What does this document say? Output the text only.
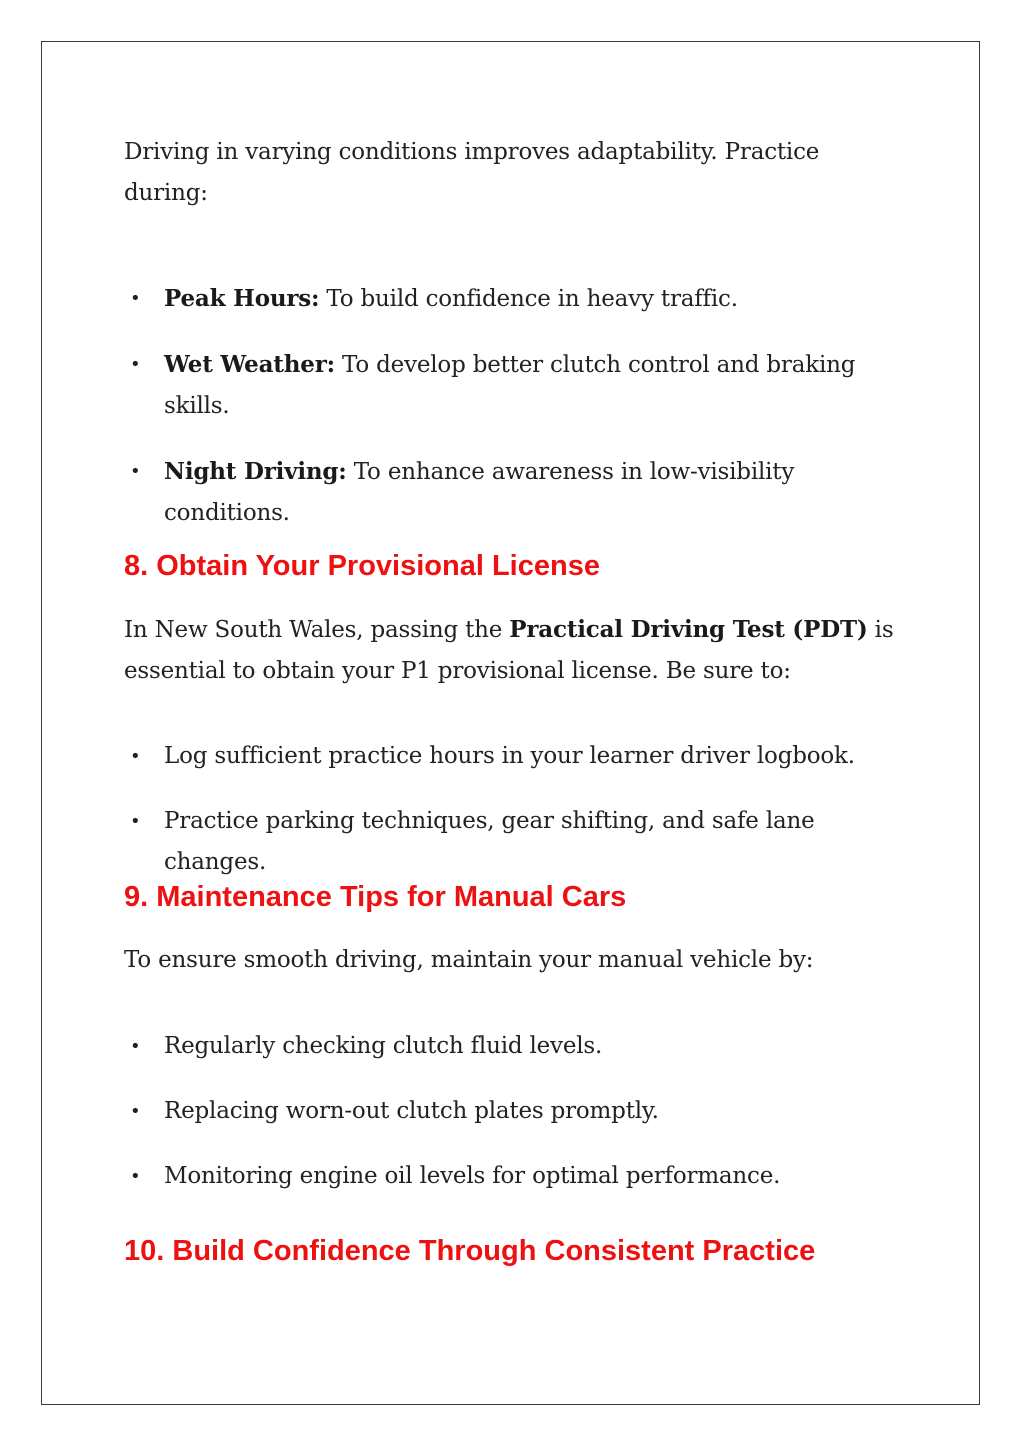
Driving in varying conditions improves adaptability. Practice during:

• Peak Hours: To build confidence in heavy traffic.
• Wet Weather: To develop better clutch control and braking skills.
• Night Driving: To enhance awareness in low-visibility conditions.
8. Obtain Your Provisional License

In New South Wales, passing the Practical Driving Test (PDT) is essential to obtain your P1 provisional license. Be sure to:

• Log sufficient practice hours in your learner driver logbook.
• Practice parking techniques, gear shifting, and safe lane changes.
9. Maintenance Tips for Manual Cars

To ensure smooth driving, maintain your manual vehicle by:

• Regularly checking clutch fluid levels.
• Replacing worn-out clutch plates promptly.
• Monitoring engine oil levels for optimal performance.
10. Build Confidence Through Consistent Practice
